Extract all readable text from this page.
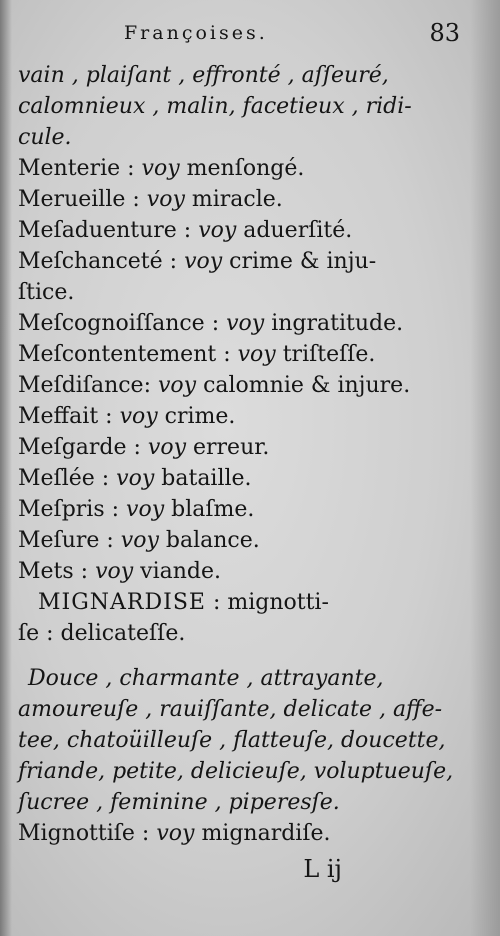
Françoises.	83
vain , plaiſant , effronté , aſſeuré,
calomnieux , malin, facetieux , ridi-
cule.
Menterie : voy menſongé.
Merueille : voy miracle.
Meſaduenture : voy aduerſité.
Meſchanceté : voy crime & inju-
ſtice.
Meſcognoiſſance : voy ingratitude.
Meſcontentement : voy triſteſſe.
Meſdiſance: voy calomnie & injure.
Meffait : voy crime.
Meſgarde : voy erreur.
Meſlée : voy bataille.
Meſpris : voy blaſme.
Meſure : voy balance.
Mets : voy viande.
MIGNARDISE : mignotti-
ſe : delicateſſe.
Douce , charmante , attrayante,
amoureuſe , rauiſſante, delicate , affe-
tee, chatoüilleuſe , flatteuſe, doucette,
friande, petite, delicieuſe, voluptueuſe,
ſucree , feminine , piperesſe.
Mignottiſe : voy mignardiſe.
L ij
